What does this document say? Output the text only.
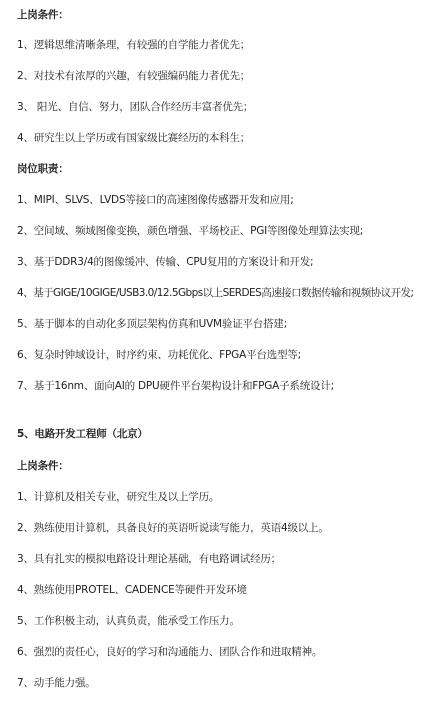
上岗条件：
1、逻辑思维清晰条理，有较强的自学能力者优先；
2、对技术有浓厚的兴趣，有较强编码能力者优先；
3、 阳光、自信、努力，团队合作经历丰富者优先；
4、研究生以上学历或有国家级比赛经历的本科生；
岗位职责：
1、MIPI、SLVS、LVDS等接口的高速图像传感器开发和应用;
2、空间域、频域图像变换，颜色增强、平场校正、PGI等图像处理算法实现;
3、基于DDR3/4的图像缓冲、传输、CPU复用的方案设计和开发;
4、基于GIGE/10GIGE/USB3.0/12.5Gbps以上SERDES高速接口数据传输和视频协议开发;
5、基于脚本的自动化多顶层架构仿真和UVM验证平台搭建;
6、复杂时钟域设计，时序约束、功耗优化、FPGA平台选型等;
7、基于16nm、面向AI的 DPU硬件平台架构设计和FPGA子系统设计;
5、电路开发工程师（北京）
上岗条件：
1、计算机及相关专业，研究生及以上学历。
2、熟练使用计算机，具备良好的英语听说读写能力，英语4级以上。
3、具有扎实的模拟电路设计理论基础，有电路调试经历；
4、熟练使用PROTEL、CADENCE等硬件开发环境
5、工作积极主动，认真负责，能承受工作压力。
6、强烈的责任心，良好的学习和沟通能力、团队合作和进取精神。
7、动手能力强。
